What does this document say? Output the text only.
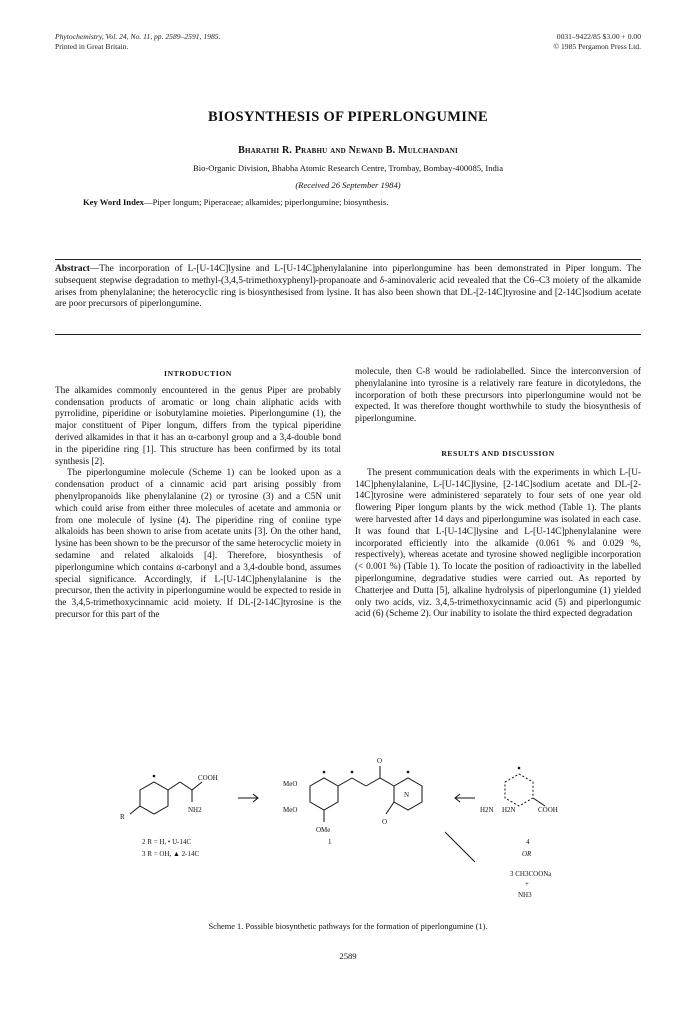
Phytochemistry, Vol. 24, No. 11, pp. 2589–2591, 1985.
Printed in Great Britain.
0031–9422/85 $3.00 + 0.00
© 1985 Pergamon Press Ltd.
BIOSYNTHESIS OF PIPERLONGUMINE
Bharathi R. Prabhu and Newand B. Mulchandani
Bio-Organic Division, Bhabha Atomic Research Centre, Trombay, Bombay-400085, India
(Received 26 September 1984)
Key Word Index—Piper longum; Piperaceae; alkamides; piperlongumine; biosynthesis.
Abstract—The incorporation of L-[U-14C]lysine and L-[U-14C]phenylalanine into piperlongumine has been demonstrated in Piper longum. The subsequent stepwise degradation to methyl-(3,4,5-trimethoxyphenyl)-propanoate and δ-aminovaleric acid revealed that the C6–C3 moiety of the alkamide arises from phenylalanine; the heterocyclic ring is biosynthesised from lysine. It has also been shown that DL-[2-14C]tyrosine and [2-14C]sodium acetate are poor precursors of piperlongumine.

INTRODUCTION

The alkamides commonly encountered in the genus Piper are probably condensation products of aromatic or long chain aliphatic acids with pyrrolidine, piperidine or isobutylamine moieties. Piperlongumine (1), the major constituent of Piper longum, differs from the typical piperidine derived alkamides in that it has an α-carbonyl group and a 3,4-double bond in the piperidine ring [1]. This structure has been confirmed by its total synthesis [2].

The piperlongumine molecule (Scheme 1) can be looked upon as a condensation product of a cinnamic acid part arising possibly from phenylpropanoids like phenylalanine (2) or tyrosine (3) and a C5N unit which could arise from either three molecules of acetate and ammonia or from one molecule of lysine (4). The piperidine ring of coniine type alkaloids has been shown to arise from acetate units [3]. On the other hand, lysine has been shown to be the precursor of the same heterocyclic moiety in sedamine and related alkaloids [4]. Therefore, biosynthesis of piperlongumine which contains α-carbonyl and a 3,4-double bond, assumes special significance. Accordingly, if L-[U-14C]phenylalanine is the precursor, then the activity in piperlongumine would be expected to reside in the 3,4,5-trimethoxycinnamic acid moiety. If DL-[2-14C]tyrosine is the precursor for this part of the

molecule, then C-8 would be radiolabelled. Since the interconversion of phenylalanine into tyrosine is a relatively rare feature in dicotyledons, the incorporation of both these precursors into piperlongumine would not be expected. It was therefore thought worthwhile to study the biosynthesis of piperlongumine.

RESULTS AND DISCUSSION

The present communication deals with the experiments in which L-[U-14C]phenylalanine, L-[U-14C]lysine, [2-14C]sodium acetate and DL-[2-14C]tyrosine were administered separately to four sets of one year old flowering Piper longum plants by the wick method (Table 1). The plants were harvested after 14 days and piperlongumine was isolated in each case. It was found that L-[U-14C]lysine and L-[U-14C]phenylalanine were incorporated efficiently into the alkamide (0.061 % and 0.029 %, respectively), whereas acetate and tyrosine showed negligible incorporation (< 0.001 %) (Table 1). To locate the position of radioactivity in the labelled piperlongumine, degradative studies were carried out. As reported by Chatterjee and Dutta [5], alkaline hydrolysis of piperlongumine (1) yielded only two acids, viz. 3,4,5-trimethoxycinnamic acid (5) and piperlongumic acid (6) (Scheme 2). Our inability to isolate the third expected degradation

COOH
NH2
R
MeO
MeO
OMe
O
O
N
H2N H2N	COOH
2 R = H, • U-14C
3 R = OH, ▲ 2-14C
1	4
OR
3 CH3COONa
+
NH3
Scheme 1. Possible biosynthetic pathways for the formation of piperlongumine (1).
2589
